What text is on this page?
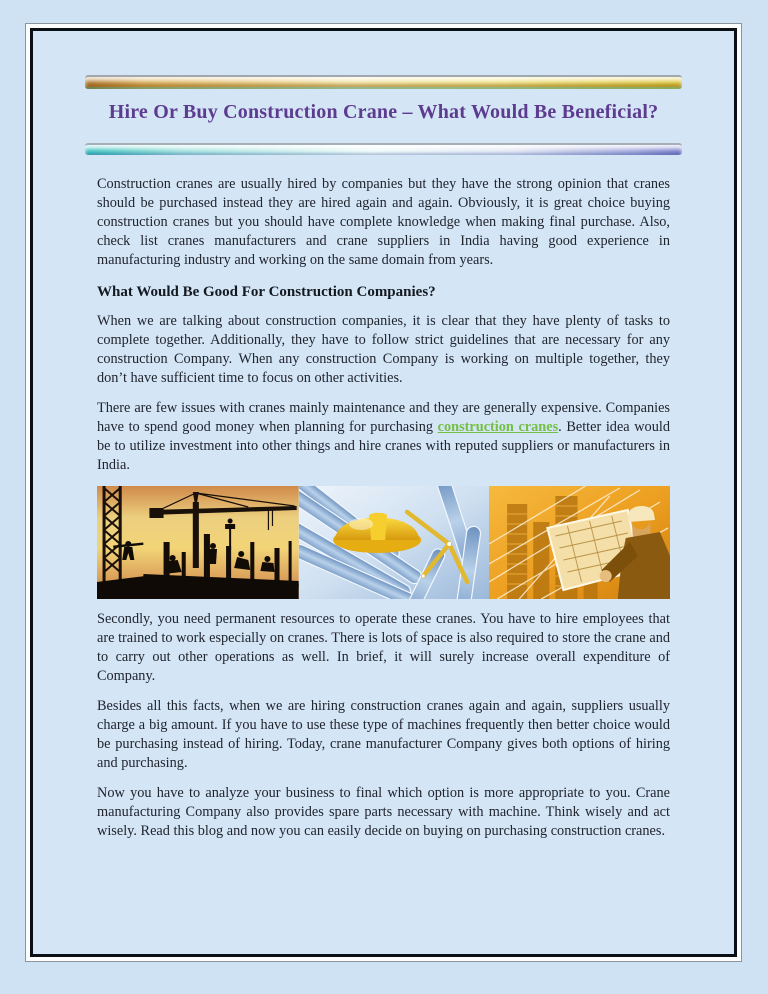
Hire Or Buy Construction Crane – What Would Be Beneficial?

Construction cranes are usually hired by companies but they have the strong opinion that cranes should be purchased instead they are hired again and again. Obviously, it is great choice buying construction cranes but you should have complete knowledge when making final purchase. Also, check list cranes manufacturers and crane suppliers in India having good experience in manufacturing industry and working on the same domain from years.

What Would Be Good For Construction Companies?

When we are talking about construction companies, it is clear that they have plenty of tasks to complete together. Additionally, they have to follow strict guidelines that are necessary for any construction Company. When any construction Company is working on multiple together, they don’t have sufficient time to focus on other activities.

There are few issues with cranes mainly maintenance and they are generally expensive. Companies have to spend good money when planning for purchasing construction cranes. Better idea would be to utilize investment into other things and hire cranes with reputed suppliers or manufacturers in India.

Secondly, you need permanent resources to operate these cranes. You have to hire employees that are trained to work especially on cranes. There is lots of space is also required to store the crane and to carry out other operations as well. In brief, it will surely increase overall expenditure of Company.

Besides all this facts, when we are hiring construction cranes again and again, suppliers usually charge a big amount. If you have to use these type of machines frequently then better choice would be purchasing instead of hiring. Today, crane manufacturer Company gives both options of hiring and purchasing.

Now you have to analyze your business to final which option is more appropriate to you. Crane manufacturing Company also provides spare parts necessary with machine. Think wisely and act wisely. Read this blog and now you can easily decide on buying on purchasing construction cranes.
